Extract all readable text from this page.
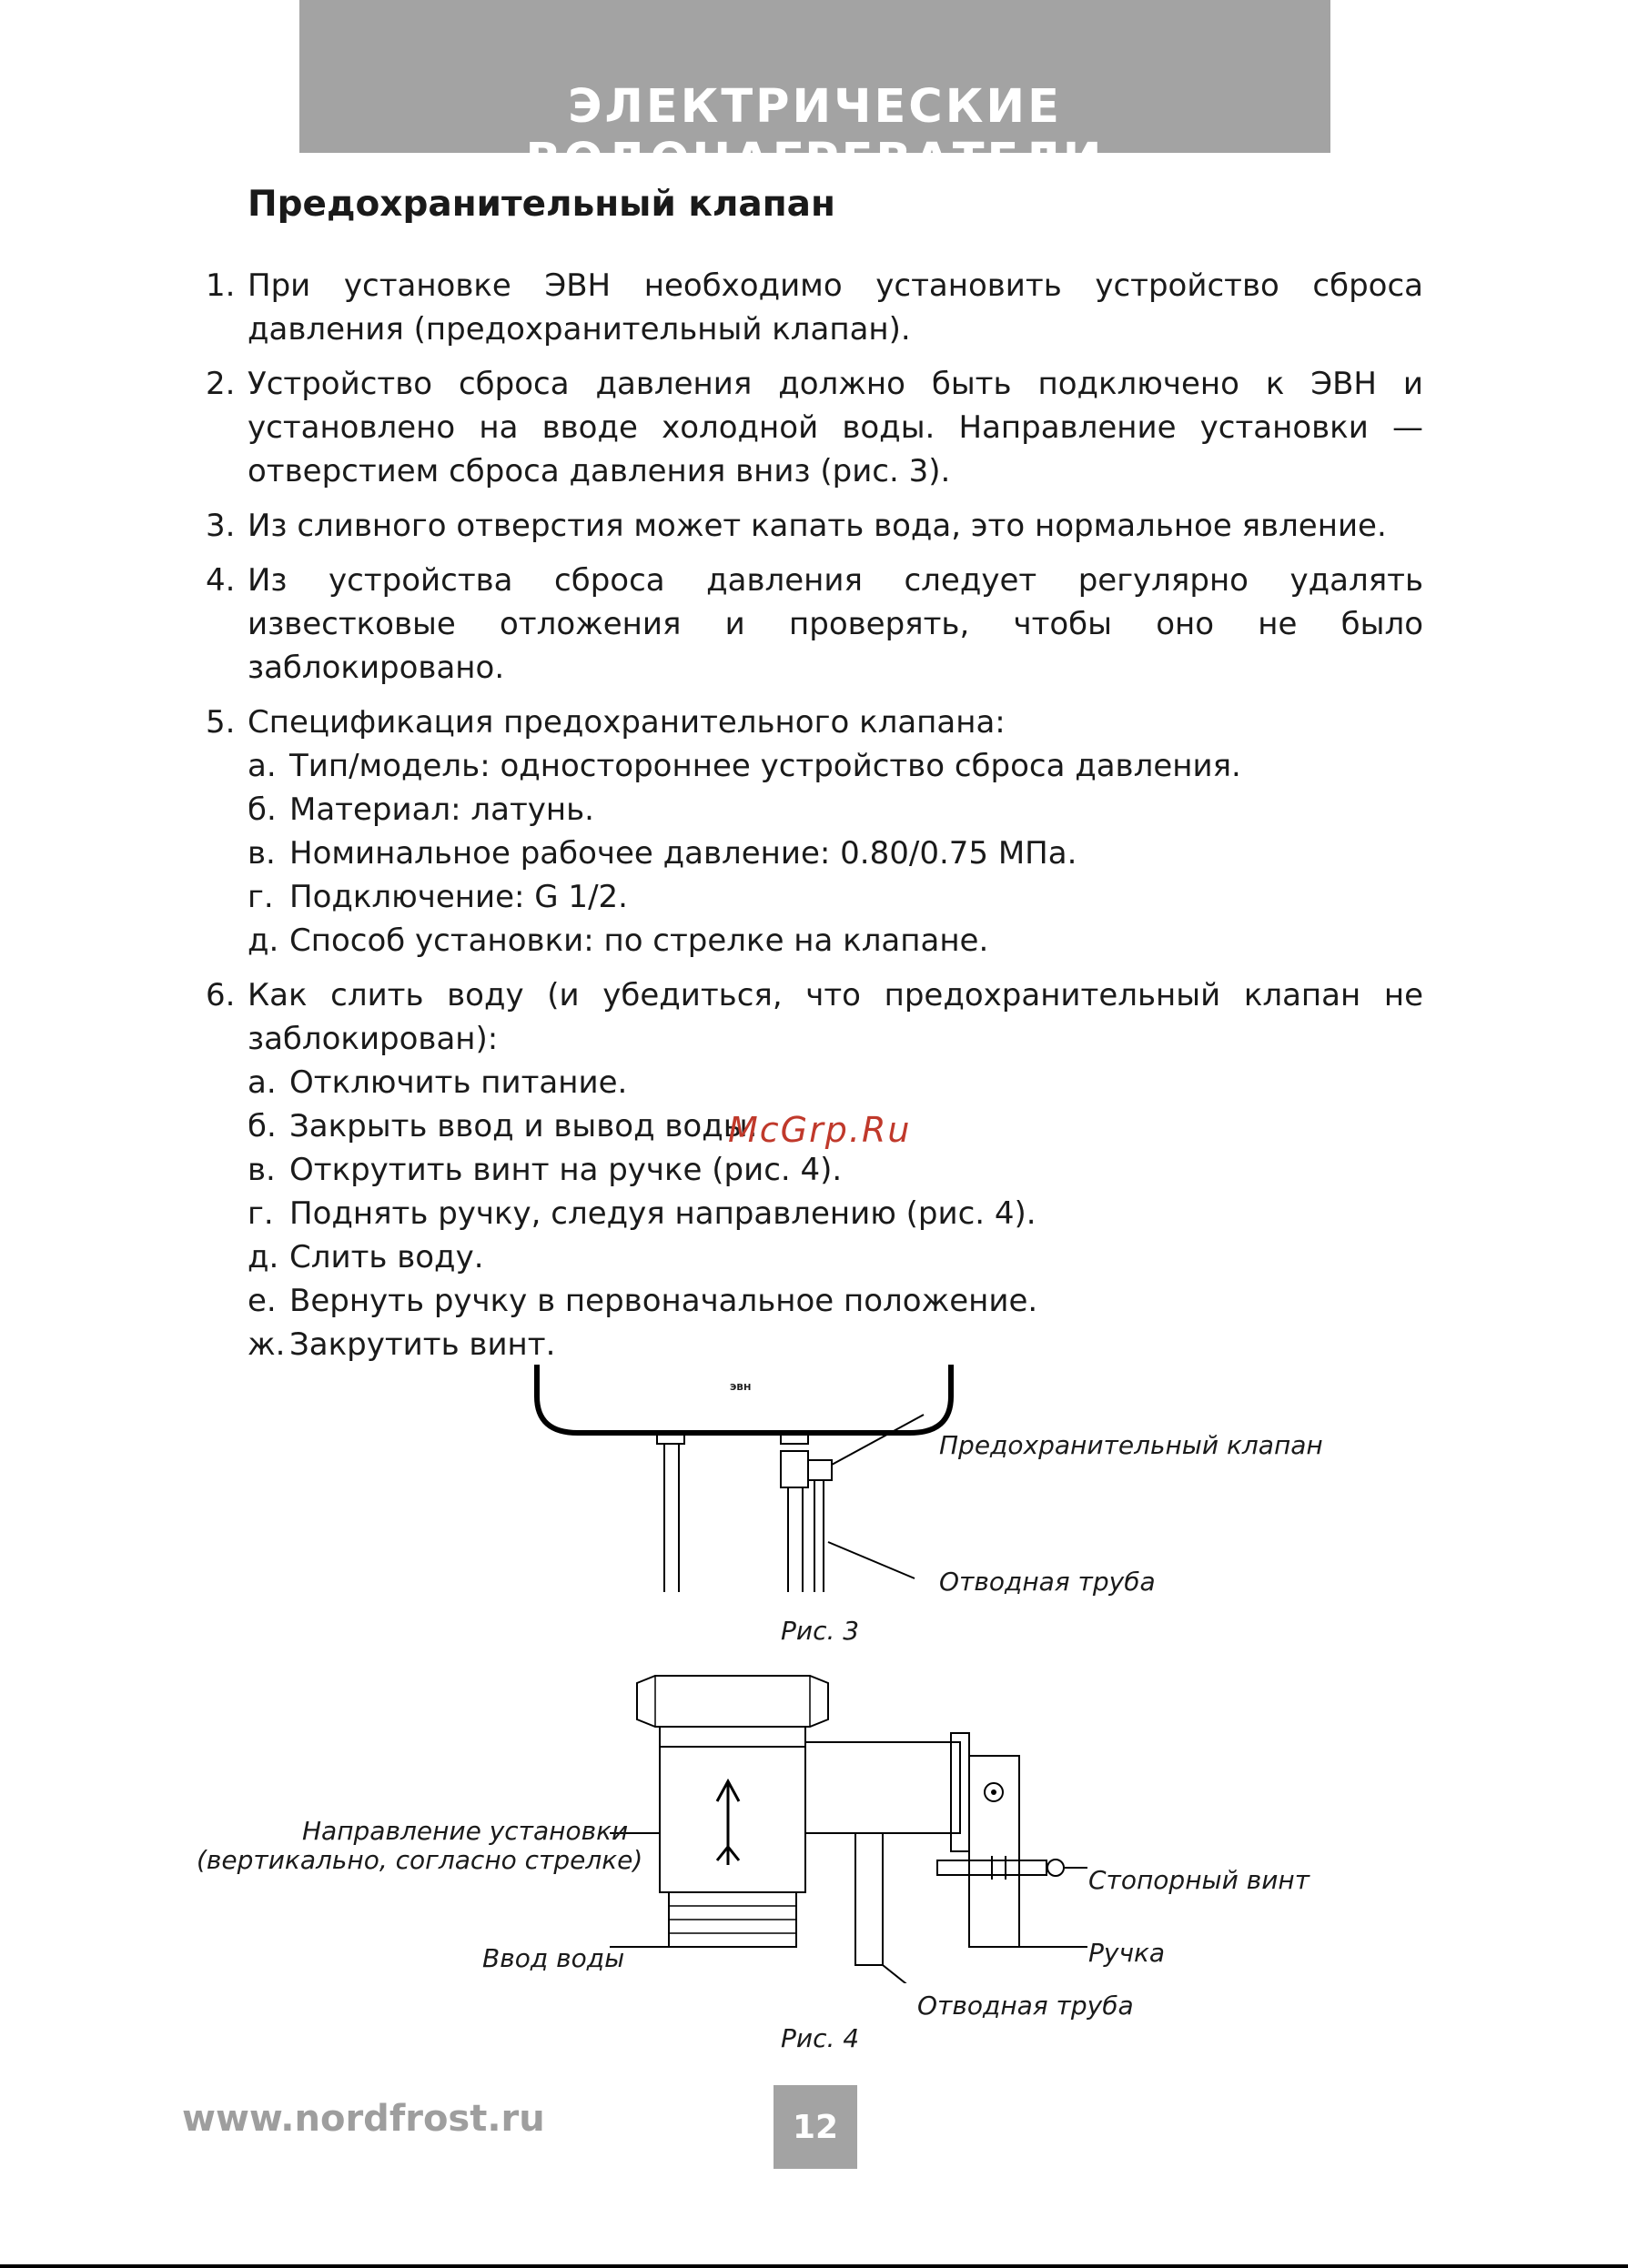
ЭЛЕКТРИЧЕСКИЕ ВОДОНАГРЕВАТЕЛИ
Предохранительный клапан
1. При установке ЭВН необходимо установить устройство сброса давления (предохранительный клапан).
2. Устройство сброса давления должно быть подключено к ЭВН и установлено на вводе холодной воды. Направление установки — отверстием сброса давления вниз (рис. 3).
3. Из сливного отверстия может капать вода, это нормальное явление.
4. Из устройства сброса давления следует регулярно удалять известковые отложения и проверять, чтобы оно не было заблокировано.
5. Спецификация предохранительного клапана:
а. Тип/модель: одностороннее устройство сброса давления.
б. Материал: латунь.
в. Номинальное рабочее давление: 0.80/0.75 МПа.
г. Подключение: G 1/2.
д. Способ установки: по стрелке на клапане.
6. Как слить воду (и убедиться, что предохранительный клапан не заблокирован):
а. Отключить питание.
б. Закрыть ввод и вывод воды.
в. Открутить винт на ручке (рис. 4).
г. Поднять ручку, следуя направлению (рис. 4).
д. Слить воду.
е. Вернуть ручку в первоначальное положение.
ж. Закрутить винт.
McGrp.Ru
ЭВН
Предохранительный клапан
Отводная труба
Рис. 3
Направление установки
(вертикально, согласно стрелке)
Ввод воды
Стопорный винт
Ручка
Отводная труба
Рис. 4
www.nordfrost.ru	12
